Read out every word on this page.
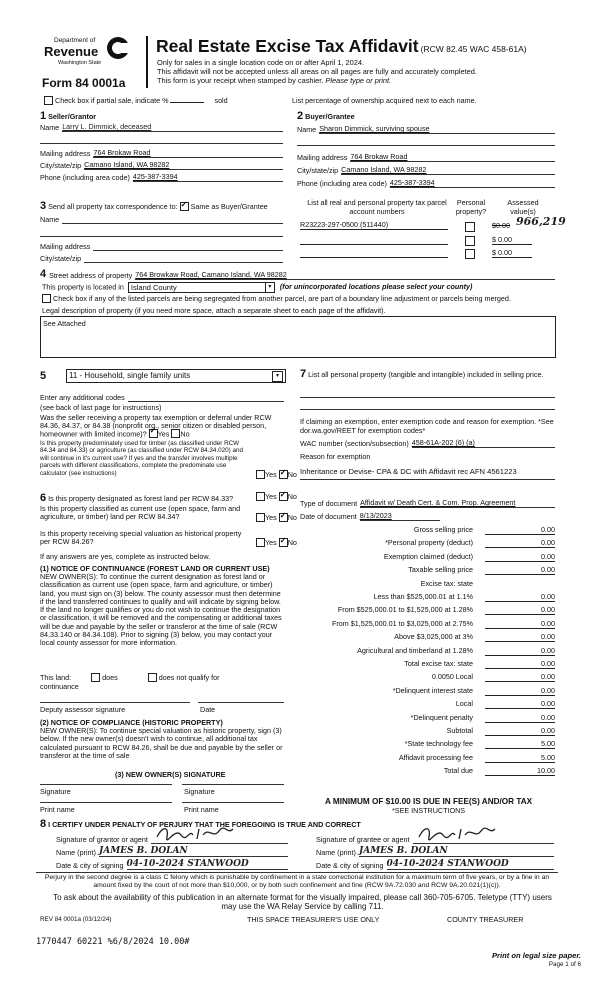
Department of
Revenue
Washington State
Form 84 0001a
Real Estate Excise Tax Affidavit (RCW 82.45 WAC 458-61A)
Only for sales in a single location code on or after April 1, 2024.
This affidavit will not be accepted unless all areas on all pages are fully and accurately completed.
This form is your receipt when stamped by cashier. Please type or print.
Check box if partial sale, indicate %	sold	List percentage of ownership acquired next to each name.
1 Seller/Grantor
Name Larry L. Dimmick, deceased
Mailing address 764 Brokaw Road
City/state/zip Camano Island, WA 98282
Phone (including area code) 425-387-3394
2 Buyer/Grantee
Name Sharon Dimmick, surviving spouse
Mailing address 764 Brokaw Road
City/state/zip Camano Island, WA 98282
Phone (including area code) 425-387-3394
3 Send all property tax correspondence to: ✓ Same as Buyer/Grantee
Name
Mailing address
City/state/zip
List all real and personal property tax parcel account numbers
Personal property?
Assessed value(s)
R23223-297-0500 (511440)	$0.00 966,219
$ 0.00
$ 0.00
4 Street address of property 764 Browkaw Road, Camano Island, WA 98282
This property is located in Island County	▾	(for unincorporated locations please select your county)
Check box if any of the listed parcels are being segregated from another parcel, are part of a boundary line adjustment or parcels being merged.
Legal description of property (if you need more space, attach a separate sheet to each page of the affidavit).
See Attached
5	11 - Household, single family units	▾
Enter any additional codes
(see back of last page for instructions)
Was the seller receiving a property tax exemption or deferral under RCW 84.36, 84.37, or 84.38 (nonprofit org., senior citizen or disabled person, homeowner with limited income)? ✓ Yes No
Is this property predominately used for timber (as classified under RCW 84.34 and 84.33) or agriculture (as classified under RCW 84.34.020) and will continue in it's current use? If yes and the transfer involves multiple parcels with different classifications, complete the predominate use calculator (see instructions)	Yes ✓ No
6 Is this property designated as forest land per RCW 84.33?	Yes ✓ No
Is this property classified as current use (open space, farm and agriculture, or timber) land per RCW 84.34?	Yes ✓ No
Is this property receiving special valuation as historical property per RCW 84.26?	Yes ✓ No
If any answers are yes, complete as instructed below.
(1) NOTICE OF CONTINUANCE (FOREST LAND OR CURRENT USE)
NEW OWNER(S): To continue the current designation as forest land or classification as current use (open space, farm and agriculture, or timber) land, you must sign on (3) below. The county assessor must then determine if the land transferred continues to qualify and will indicate by signing below. If the land no longer qualifies or you do not wish to continue the designation or classification, it will be removed and the compensating or additional taxes will be due and payable by the seller or transferor at the time of sale (RCW 84.33.140 or 84.34.108). Prior to signing (3) below, you may contact your local county assessor for more information.
This land:	does	does not qualify for
continuance
Deputy assessor signature	Date
(2) NOTICE OF COMPLIANCE (HISTORIC PROPERTY)
NEW OWNER(S): To continue special valuation as historic property, sign (3) below. If the new owner(s) doesn't wish to continue, all additional tax calculated pursuant to RCW 84.26, shall be due and payable by the seller or transferor at the time of sale
(3) NEW OWNER(S) SIGNATURE
Signature	Signature
Print name	Print name
7 List all personal property (tangible and intangible) included in selling price.
If claiming an exemption, enter exemption code and reason for exemption. *See dor.wa.gov/REET for exemption codes*
WAC number (section/subsection) 458-61A-202 (6) (a)
Reason for exemption
Inheritance or Devise- CPA & DC with Affidavit rec AFN 4561223
Type of document Affidavit w/ Death Cert. & Com. Prop. Agreement
Date of document 8/13/2023
Gross selling price	0.00
*Personal property (deduct)	0.00
Exemption claimed (deduct)	0.00
Taxable selling price	0.00
Excise tax: state
Less than $525,000.01 at 1.1%	0.00
From $525,000.01 to $1,525,000 at 1.28%	0.00
From $1,525,000.01 to $3,025,000 at 2.75%	0.00
Above $3,025,000 at 3%	0.00
Agricultural and timberland at 1.28%	0.00
Total excise tax: state	0.00
0.0050 Local	0.00
*Delinquent interest state	0.00
Local	0.00
*Delinquent penalty	0.00
Subtotal	0.00
*State technology fee	5.00
Affidavit processing fee	5.00
Total due	10.00
A MINIMUM OF $10.00 IS DUE IN FEE(S) AND/OR TAX
*SEE INSTRUCTIONS
8 I CERTIFY UNDER PENALTY OF PERJURY THAT THE FOREGOING IS TRUE AND CORRECT
Signature of grantor or agent
Name (print) JAMES B. DOLAN
Date & city of signing 04-10-2024 STANWOOD
Signature of grantee or agent
Name (print) JAMES B. DOLAN
Date & city of signing 04-10-2024 STANWOOD
Perjury in the second degree is a class C felony which is punishable by confinement in a state correctional institution for a maximum term of five years, or by a fine in an amount fixed by the court of not more than $10,000, or by both such confinement and fine (RCW 9A.72.030 and RCW 9A.20.021(1)(c)).
To ask about the availability of this publication in an alternate format for the visually impaired, please call 360-705-6705. Teletype (TTY) users may use the WA Relay Service by calling 711.
REV 84 0001a (03/12/24)	THIS SPACE TREASURER'S USE ONLY	COUNTY TREASURER
1770447 60221 %6/8/2024 10.00#
Print on legal size paper.
Page 1 of 6
